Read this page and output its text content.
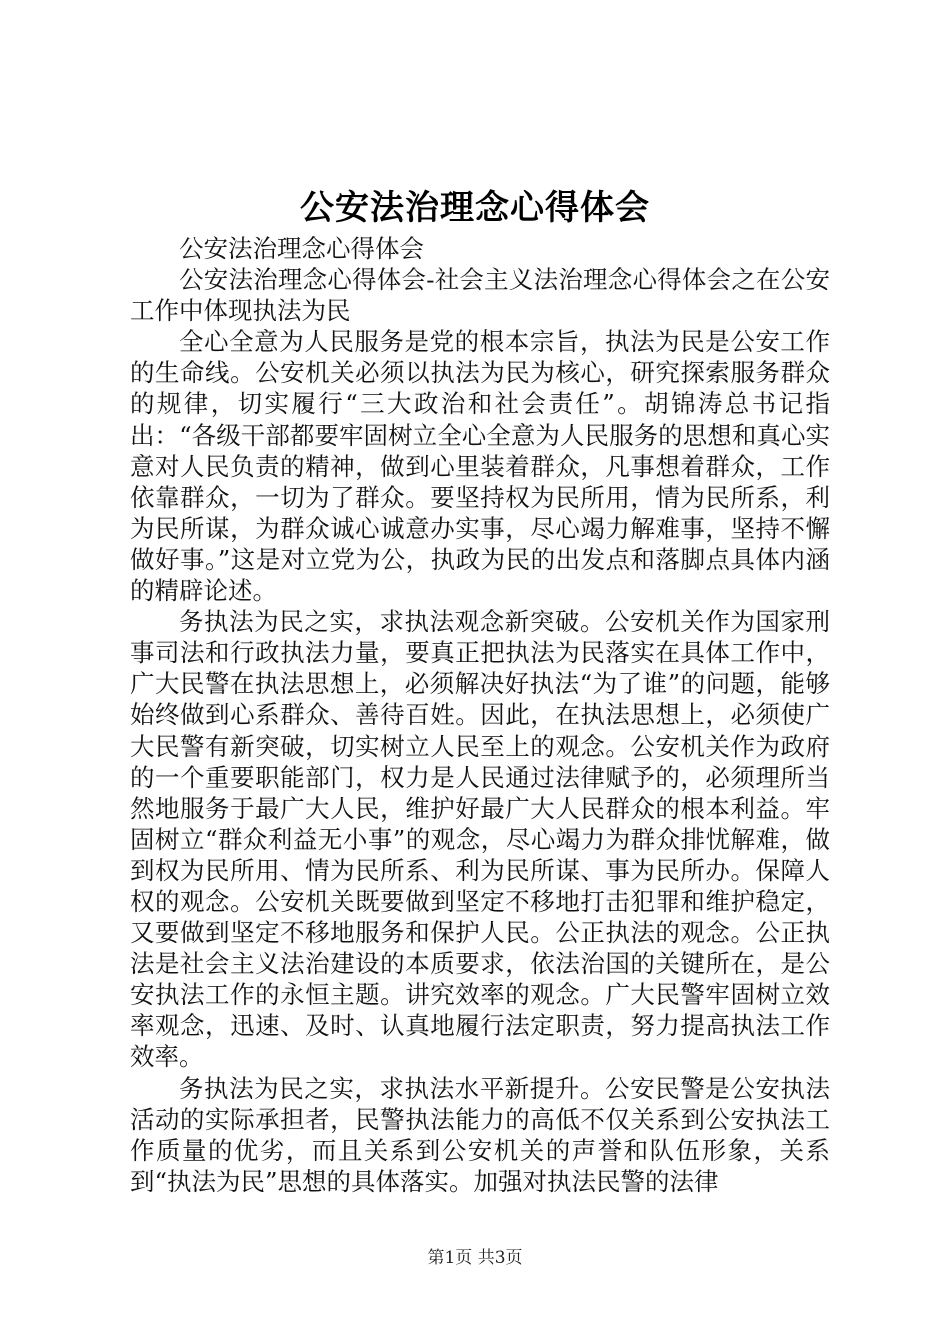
公安法治理念心得体会

公安法治理念心得体会

公安法治理念心得体会-社会主义法治理念心得体会之在公安工作中体现执法为民

全心全意为人民服务是党的根本宗旨，执法为民是公安工作的生命线。公安机关必须以执法为民为核心，研究探索服务群众的规律，切实履行“三大政治和社会责任”。胡锦涛总书记指出：“各级干部都要牢固树立全心全意为人民服务的思想和真心实意对人民负责的精神，做到心里装着群众，凡事想着群众，工作依靠群众，一切为了群众。要坚持权为民所用，情为民所系，利为民所谋，为群众诚心诚意办实事，尽心竭力解难事，坚持不懈做好事。”这是对立党为公，执政为民的出发点和落脚点具体内涵的精辟论述。

务执法为民之实，求执法观念新突破。公安机关作为国家刑事司法和行政执法力量，要真正把执法为民落实在具体工作中，广大民警在执法思想上，必须解决好执法“为了谁”的问题，能够始终做到心系群众、善待百姓。因此，在执法思想上，必须使广大民警有新突破，切实树立人民至上的观念。公安机关作为政府的一个重要职能部门，权力是人民通过法律赋予的，必须理所当然地服务于最广大人民，维护好最广大人民群众的根本利益。牢固树立“群众利益无小事”的观念，尽心竭力为群众排忧解难，做到权为民所用、情为民所系、利为民所谋、事为民所办。保障人权的观念。公安机关既要做到坚定不移地打击犯罪和维护稳定，又要做到坚定不移地服务和保护人民。公正执法的观念。公正执法是社会主义法治建设的本质要求，依法治国的关键所在，是公安执法工作的永恒主题。讲究效率的观念。广大民警牢固树立效率观念，迅速、及时、认真地履行法定职责，努力提高执法工作效率。

务执法为民之实，求执法水平新提升。公安民警是公安执法活动的实际承担者，民警执法能力的高低不仅关系到公安执法工作质量的优劣，而且关系到公安机关的声誉和队伍形象，关系到“执法为民”思想的具体落实。加强对执法民警的法律

第1页 共3页
